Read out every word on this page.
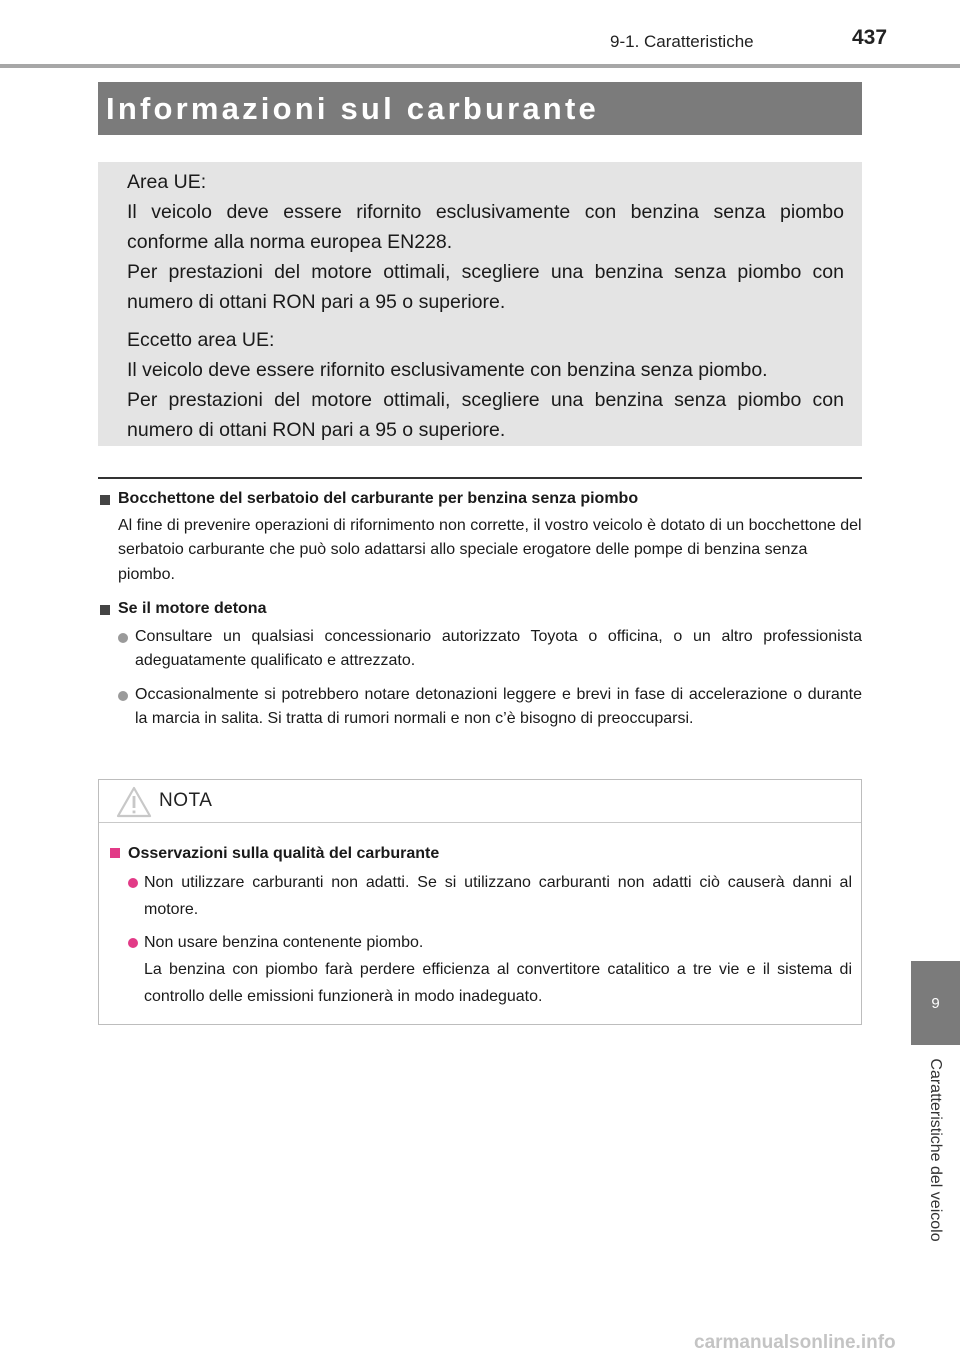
9-1. Caratteristiche	437
Informazioni sul carburante

Area UE:

Il veicolo deve essere rifornito esclusivamente con benzina senza piombo conforme alla norma europea EN228.

Per prestazioni del motore ottimali, scegliere una benzina senza piombo con numero di ottani RON pari a 95 o superiore.

Eccetto area UE:

Il veicolo deve essere rifornito esclusivamente con benzina senza piombo.

Per prestazioni del motore ottimali, scegliere una benzina senza piombo con numero di ottani RON pari a 95 o superiore.

Bocchettone del serbatoio del carburante per benzina senza piombo

Al fine di prevenire operazioni di rifornimento non corrette, il vostro veicolo è dotato di un bocchettone del serbatoio carburante che può solo adattarsi allo speciale erogatore delle pompe di benzina senza piombo.

Se il motore detona

Consultare un qualsiasi concessionario autorizzato Toyota o officina, o un altro professionista adeguatamente qualificato e attrezzato.

Occasionalmente si potrebbero notare detonazioni leggere e brevi in fase di accelerazione o durante la marcia in salita. Si tratta di rumori normali e non c’è bisogno di preoccuparsi.

NOTA

Osservazioni sulla qualità del carburante

Non utilizzare carburanti non adatti. Se si utilizzano carburanti non adatti ciò causerà danni al motore.

Non usare benzina contenente piombo.
La benzina con piombo farà perdere efficienza al convertitore catalitico a tre vie e il sistema di controllo delle emissioni funzionerà in modo inadeguato.	9
Caratteristiche del veicolo
carmanualsonline.info
